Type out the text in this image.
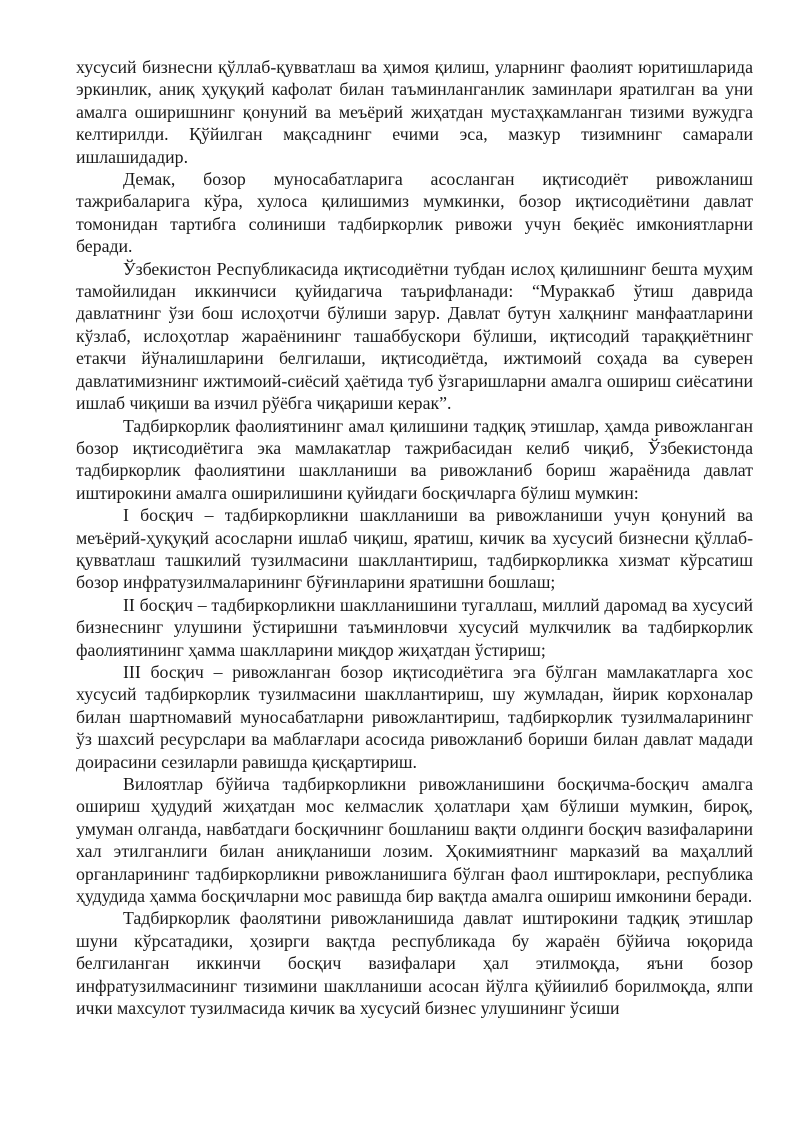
хусусий бизнесни қўллаб-қувватлаш ва ҳимоя қилиш, уларнинг фаолият юритишларида эркинлик, аниқ ҳуқуқий кафолат билан таъминланганлик заминлари яратилган ва уни амалга оширишнинг қонуний ва меъёрий жиҳатдан мустаҳкамланган тизими вужудга келтирилди. Қўйилган мақсаднинг ечими эса, мазкур тизимнинг самарали ишлашидадир.

Демак, бозор муносабатларига асосланган иқтисодиёт ривожланиш тажрибаларига кўра, хулоса қилишимиз мумкинки, бозор иқтисодиётини давлат томонидан тартибга солиниши тадбиркорлик ривожи учун беқиёс имкониятларни беради.

Ўзбекистон Республикасида иқтисодиётни тубдан ислоҳ қилишнинг бешта муҳим тамойилидан иккинчиси қуйидагича таърифланади: “Мураккаб ўтиш даврида давлатнинг ўзи бош ислоҳотчи бўлиши зарур. Давлат бутун халқнинг манфаатларини кўзлаб, ислоҳотлар жараёнининг ташаббускори бўлиши, иқтисодий тараққиётнинг етакчи йўналишларини белгилаши, иқтисодиётда, ижтимоий соҳада ва суверен давлатимизнинг ижтимоий-сиёсий ҳаётида туб ўзгаришларни амалга ошириш сиёсатини ишлаб чиқиши ва изчил рўёбга чиқариши керак”.

Тадбиркорлик фаолиятининг амал қилишини тадқиқ этишлар, ҳамда ривожланган бозор иқтисодиётига эка мамлакатлар тажрибасидан келиб чиқиб, Ўзбекистонда тадбиркорлик фаолиятини шаклланиши ва ривожланиб бориш жараёнида давлат иштирокини амалга оширилишини қуйидаги босқичларга бўлиш мумкин:

I босқич – тадбиркорликни шаклланиши ва ривожланиши учун қонуний ва меъёрий-ҳуқуқий асосларни ишлаб чиқиш, яратиш, кичик ва хусусий бизнесни қўллаб-қувватлаш ташкилий тузилмасини шакллантириш, тадбиркорликка хизмат кўрсатиш бозор инфратузилмаларининг бўғинларини яратишни бошлаш;

II босқич – тадбиркорликни шаклланишини тугаллаш, миллий даромад ва хусусий бизнеснинг улушини ўстиришни таъминловчи хусусий мулкчилик ва тадбиркорлик фаолиятининг ҳамма шаклларини миқдор жиҳатдан ўстириш;

III босқич – ривожланган бозор иқтисодиётига эга бўлган мамлакатларга хос хусусий тадбиркорлик тузилмасини шакллантириш, шу жумладан, йирик корхоналар билан шартномавий муносабатларни ривожлантириш, тадбиркорлик тузилмаларининг ўз шахсий ресурслари ва маблағлари асосида ривожланиб бориши билан давлат мадади доирасини сезиларли равишда қисқартириш.

Вилоятлар бўйича тадбиркорликни ривожланишини босқичма-босқич амалга ошириш ҳудудий жиҳатдан мос келмаслик ҳолатлари ҳам бўлиши мумкин, бироқ, умуман олганда, навбатдаги босқичнинг бошланиш вақти олдинги босқич вазифаларини хал этилганлиги билан аниқланиши лозим. Ҳокимиятнинг марказий ва маҳаллий органларининг тадбиркорликни ривожланишига бўлган фаол иштироклари, республика ҳудудида ҳамма босқичларни мос равишда бир вақтда амалга ошириш имконини беради.

Тадбиркорлик фаолятини ривожланишида давлат иштирокини тадқиқ этишлар шуни кўрсатадики, ҳозирги вақтда республикада бу жараён бўйича юқорида белгиланган иккинчи босқич вазифалари ҳал этилмоқда, яъни бозор инфратузилмасининг тизимини шаклланиши асосан йўлга қўйиилиб борилмоқда, ялпи ички махсулот тузилмасида кичик ва хусусий бизнес улушининг ўсиши
